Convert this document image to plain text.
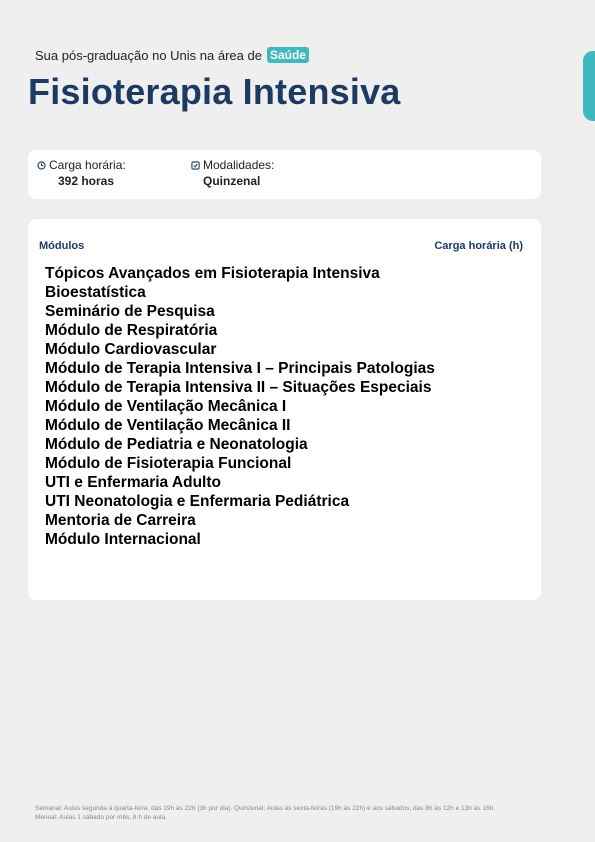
Sua pós-graduação no Unis na área de Saúde
Fisioterapia Intensiva
Carga horária:
392 horas
Modalidades:
Quinzenal
Módulos	Carga horária (h)
Tópicos Avançados em Fisioterapia Intensiva
Bioestatística
Seminário de Pesquisa
Módulo de Respiratória
Módulo Cardiovascular
Módulo de Terapia Intensiva I – Principais Patologias
Módulo de Terapia Intensiva II – Situações Especiais
Módulo de Ventilação Mecânica I
Módulo de Ventilação Mecânica II
Módulo de Pediatria e Neonatologia
Módulo de Fisioterapia Funcional
UTI e Enfermaria Adulto
UTI Neonatologia e Enfermaria Pediátrica
Mentoria de Carreira
Módulo Internacional
Semanal: Aulas segunda à quarta-feira, das 19h às 22h (3h por dia). Quinzenal: Aulas às sexta-feiras (19h às 22h) e aos sábados, das 8h às 12h e 13h às 16h.
Mensal: Aulas 1 sábado por mês, 8 h de aula.
